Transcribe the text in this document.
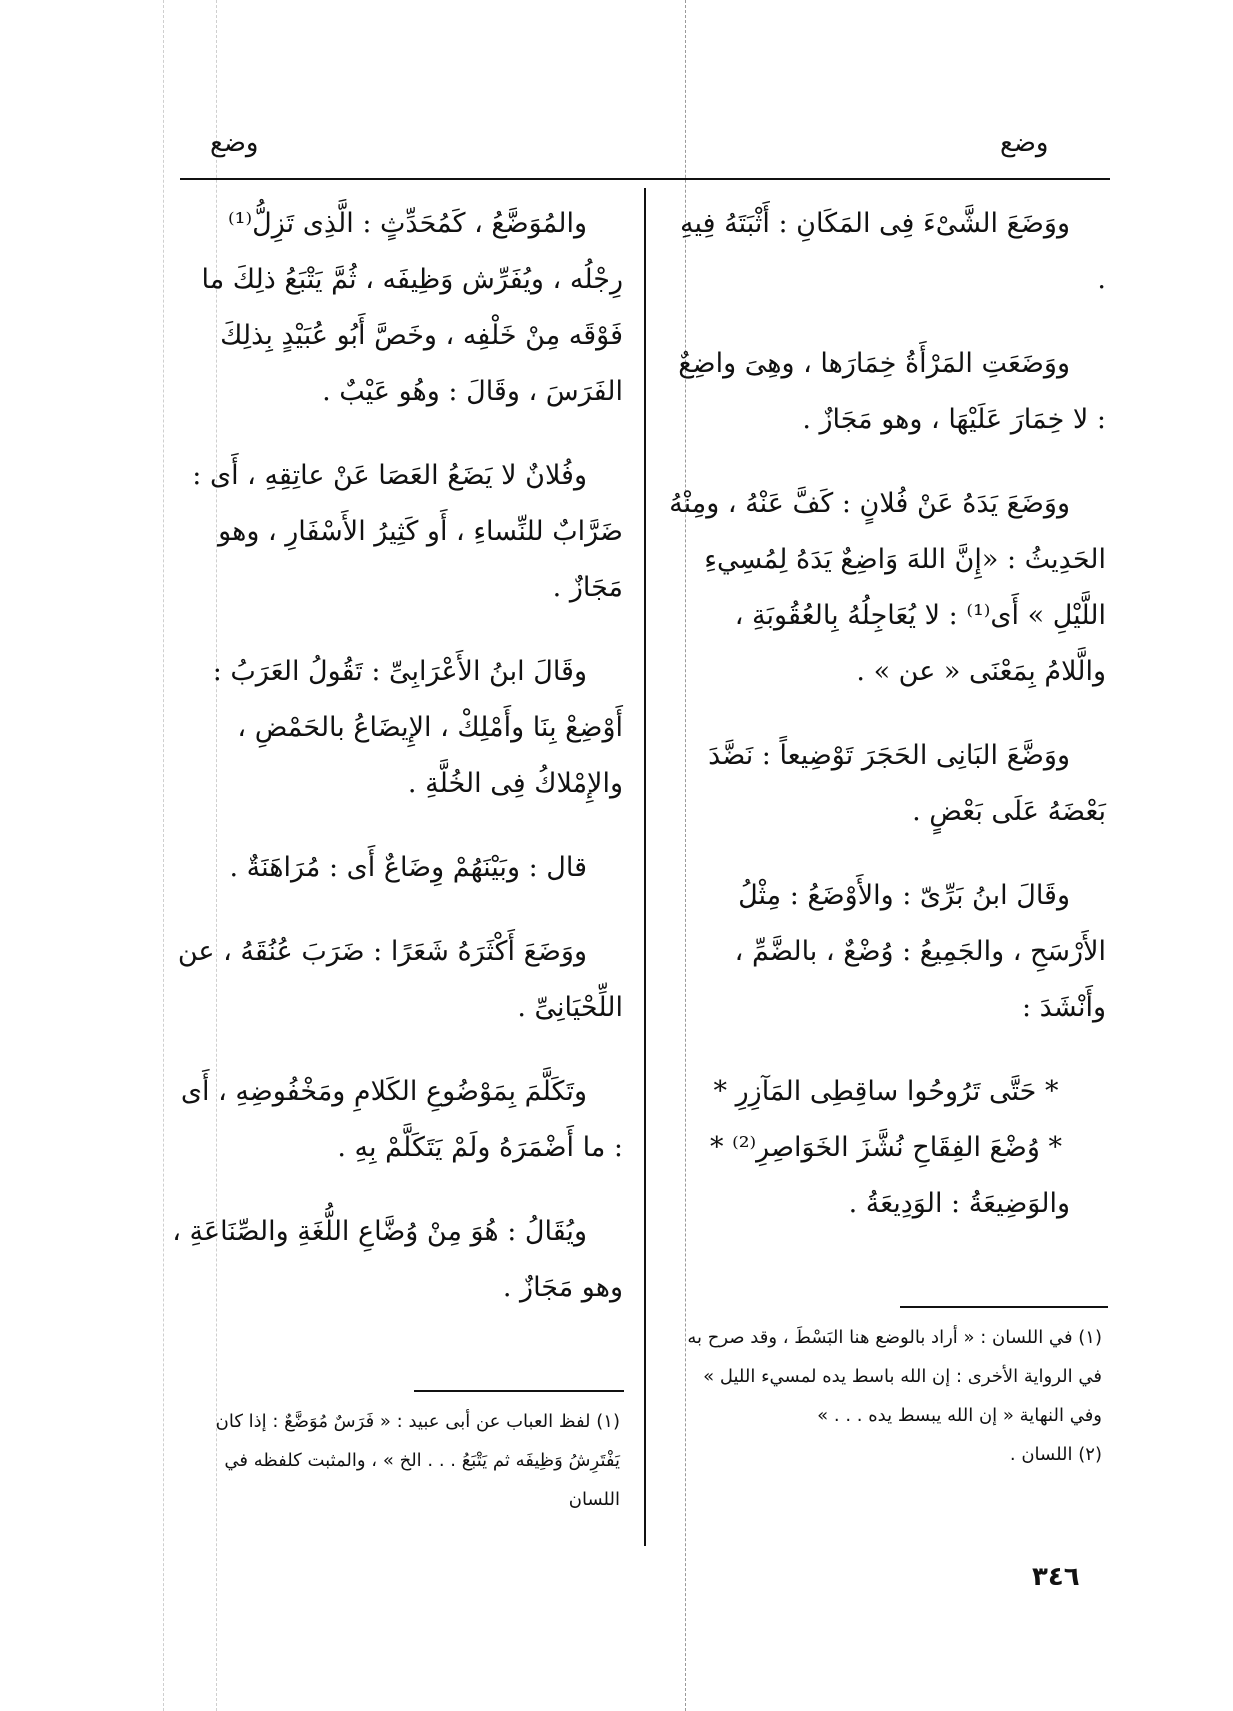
وضع
وضع

ووَضَعَ الشَّىْءَ فِى المَكَانِ : أَثْبَتَهُ فِيهِ .

ووَضَعَتِ المَرْأَةُ خِمَارَها ، وهِىَ واضِعٌ : لا خِمَارَ عَلَيْهَا ، وهو مَجَازٌ .

ووَضَعَ يَدَهُ عَنْ فُلانٍ : كَفَّ عَنْهُ ، ومِنْهُ الحَدِيثُ : «إِنَّ اللهَ وَاضِعٌ يَدَهُ لِمُسِيءِ اللَّيْلِ » أَى⁽¹⁾ : لا يُعَاجِلُهُ بِالعُقُوبَةِ ، والَّلامُ بِمَعْنَى « عن » .

ووَضَّعَ البَانِى الحَجَرَ تَوْضِيعاً : نَضَّدَ بَعْضَهُ عَلَى بَعْضٍ .

وقَالَ ابنُ بَرِّىّ : والأَوْضَعُ : مِثْلُ الأَرْسَحِ ، والجَمِيعُ : وُضْعٌ ، بالضَّمِّ ، وأَنْشَدَ :

* حَتَّى تَرُوحُوا ساقِطِى المَآزِرِ *

* وُضْعَ الفِقَاحِ نُشَّزَ الخَوَاصِرِ⁽²⁾ *

والوَضِيعَةُ : الوَدِيعَةُ .

والمُوَضَّعُ ، كَمُحَدِّثٍ : الَّذِى تَزِلُّ⁽¹⁾ رِجْلُه ، ويُفَرِّش وَظِيفَه ، ثُمَّ يَتْبَعُ ذلِكَ ما فَوْقَه مِنْ خَلْفِه ، وخَصَّ أَبُو عُبَيْدٍ بِذلِكَ الفَرَسَ ، وقَالَ : وهُو عَيْبٌ .

وفُلانٌ لا يَضَعُ العَصَا عَنْ عاتِقِهِ ، أَى : ضَرَّابٌ للنِّساءِ ، أَو كَثِيرُ الأَسْفَارِ ، وهو مَجَازٌ .

وقَالَ ابنُ الأَعْرَابِىِّ : تَقُولُ العَرَبُ : أَوْضِعْ بِنَا وأَمْلِكْ ، الإِيضَاعُ بالحَمْضِ ، والإِمْلاكُ فِى الخُلَّةِ .

قال : وبَيْنَهُمْ وِضَاعٌ أَى : مُرَاهَنَةٌ .

ووَضَعَ أَكْثَرَهُ شَعَرًا : ضَرَبَ عُنُقَهُ ، عن اللِّحْيَانِىِّ .

وتَكَلَّمَ بِمَوْضُوعِ الكَلامِ ومَخْفُوضِهِ ، أَى : ما أَضْمَرَهُ ولَمْ يَتَكَلَّمْ بِهِ .

ويُقَالُ : هُوَ مِنْ وُضَّاعِ اللُّغَةِ والصِّنَاعَةِ ، وهو مَجَازٌ .

(١) في اللسان : « أراد بالوضع هنا البَسْطَ ، وقد صرح به في الرواية الأخرى : إن الله باسط يده لمسيء الليل » وفي النهاية « إن الله يبسط يده . . . »

(٢) اللسان .

(١) لفظ العباب عن أبى عبيد : « فَرَسٌ مُوَضَّعٌ : إذا كان يَفْتَرِشُ وَظِيفَه ثم يَتْبَعُ . . . الخ » ، والمثبت كلفظه في اللسان

٣٤٦
